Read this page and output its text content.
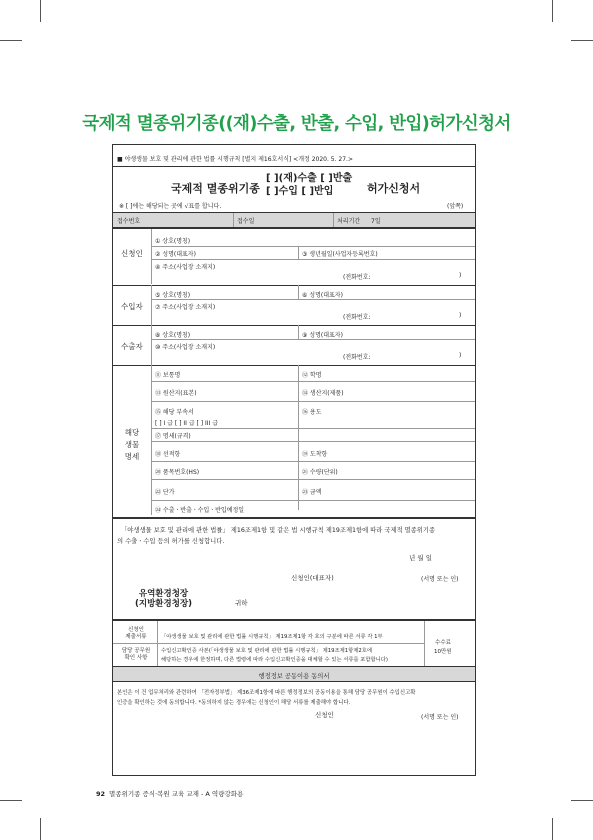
국제적 멸종위기종((재)수출, 반출, 수입, 반입)허가신청서
■ 야생생물 보호 및 관리에 관한 법률 시행규칙 [별지 제16호서식] <개정 2020. 5. 27.>
국제적 멸종위기종
[ ](재)수출 [ ]반출
[ ]수입 [ ]반입	허가신청서
※ [ ]에는 해당되는 곳에 √표를 합니다.	(앞쪽)
접수번호	접수일	처리기간 7일
신청인
① 상호(명칭)
② 성명(대표자)	③ 생년월일(사업자등록번호)
④ 주소(사업장 소재지)
(전화번호:	)
수입자
⑤ 상호(명칭)	⑥ 성명(대표자)
⑦ 주소(사업장 소재지)
(전화번호:	)
수출자
⑧ 상호(명칭)	⑨ 성명(대표자)
⑩ 주소(사업장 소재지)
(전화번호:	)
해당
생물
명세
⑪ 보통명	⑫ 학명
⑬ 원산지(표본)	⑭ 생산지(제품)
⑮ 해당 부속서
[ ] I 급 [ ] II 급 [ ] III 급
⑯ 용도
⑰ 명세(규격)
⑱ 선적항	⑲ 도착항
⑳ 품목번호(HS)	㉑ 수량(단위)
㉒ 단가	㉓ 금액
㉔ 수출ㆍ반출ㆍ수입ㆍ반입예정일
「야생생물 보호 및 관리에 관한 법률」 제16조제1항 및 같은 법 시행규칙 제19조제1항에 따라 국제적 멸종위기종
의 수출ㆍ수입 등의 허가를 신청합니다.
년 월 일
신청인(대표자)	(서명 또는 인)
유역환경청장
(지방환경청장)	귀하
신청인
제출서류	「야생생물 보호 및 관리에 관한 법률 시행규칙」 제19조제1항 각 호의 구분에 따른 서류 각 1부
담당 공무원
확인 사항
수입신고확인증 사본(「야생생물 보호 및 관리에 관한 법률 시행규칙」 제19조제1항제2호에
해당하는 경우에 한정하며, 다른 법령에 따라 수입신고확인증을 대체할 수 있는 서류를 포함합니다)
수수료
10만원
행정정보 공동이용 동의서
본인은 이 건 업무처리와 관련하여 「전자정부법」 제36조제1항에 따른 행정정보의 공동이용을 통해 담당 공무원이 수입신고확
인증을 확인하는 것에 동의합니다. *동의하지 않는 경우에는 신청인이 해당 서류를 제출해야 합니다.
신청인	(서명 또는 인)
92 멸종위기종 증식·복원 교육 교재 - A 역량강화용
